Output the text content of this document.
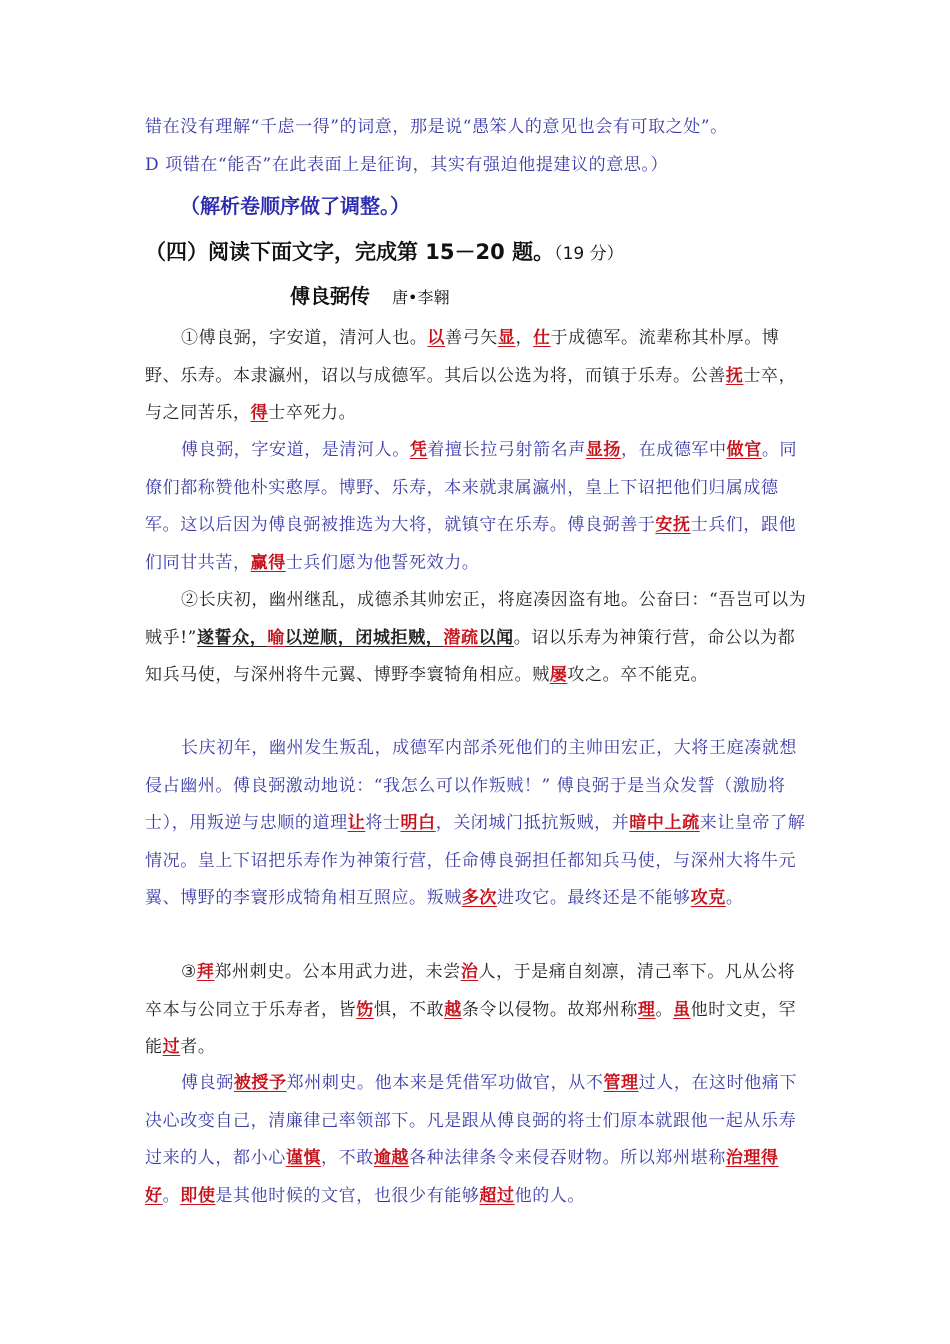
错在没有理解“千虑一得”的词意，那是说“愚笨人的意见也会有可取之处”。
D 项错在“能否”在此表面上是征询，其实有强迫他提建议的意思。）
（解析卷顺序做了调整。）
（四）阅读下面文字，完成第 15－20 题。（19 分）
傅良弼传 唐•李翱
①傅良弼，字安道，清河人也。以善弓矢显，仕于成德军。流辈称其朴厚。博野、乐寿。本隶瀛州，诏以与成德军。其后以公选为将，而镇于乐寿。公善抚士卒，与之同苦乐，得士卒死力。
傅良弼，字安道，是清河人。凭着擅长拉弓射箭名声显扬，在成德军中做官。同僚们都称赞他朴实憨厚。博野、乐寿，本来就隶属瀛州，皇上下诏把他们归属成德军。这以后因为傅良弼被推选为大将，就镇守在乐寿。傅良弼善于安抚士兵们，跟他们同甘共苦，赢得士兵们愿为他誓死效力。
②长庆初，幽州继乱，成德杀其帅宏正，将庭凑因盗有地。公奋曰：“吾岂可以为贼乎!”遂誓众，喻以逆顺，闭城拒贼，潜疏以闻。诏以乐寿为神策行营，命公以为都知兵马使，与深州将牛元翼、博野李寰犄角相应。贼屡攻之。卒不能克。
长庆初年，幽州发生叛乱，成德军内部杀死他们的主帅田宏正，大将王庭凑就想侵占幽州。傅良弼激动地说：“我怎么可以作叛贼！” 傅良弼于是当众发誓（激励将士），用叛逆与忠顺的道理让将士明白，关闭城门抵抗叛贼，并暗中上疏来让皇帝了解情况。皇上下诏把乐寿作为神策行营，任命傅良弼担任都知兵马使，与深州大将牛元翼、博野的李寰形成犄角相互照应。叛贼多次进攻它。最终还是不能够攻克。
③拜郑州刺史。公本用武力进，未尝治人，于是痛自刻凛，清己率下。凡从公将卒本与公同立于乐寿者，皆饬惧，不敢越条令以侵物。故郑州称理。虽他时文吏，罕能过者。
傅良弼被授予郑州刺史。他本来是凭借军功做官，从不管理过人，在这时他痛下决心改变自己，清廉律己率领部下。凡是跟从傅良弼的将士们原本就跟他一起从乐寿过来的人，都小心谨慎，不敢逾越各种法律条令来侵吞财物。所以郑州堪称治理得好。即使是其他时候的文官，也很少有能够超过他的人。
